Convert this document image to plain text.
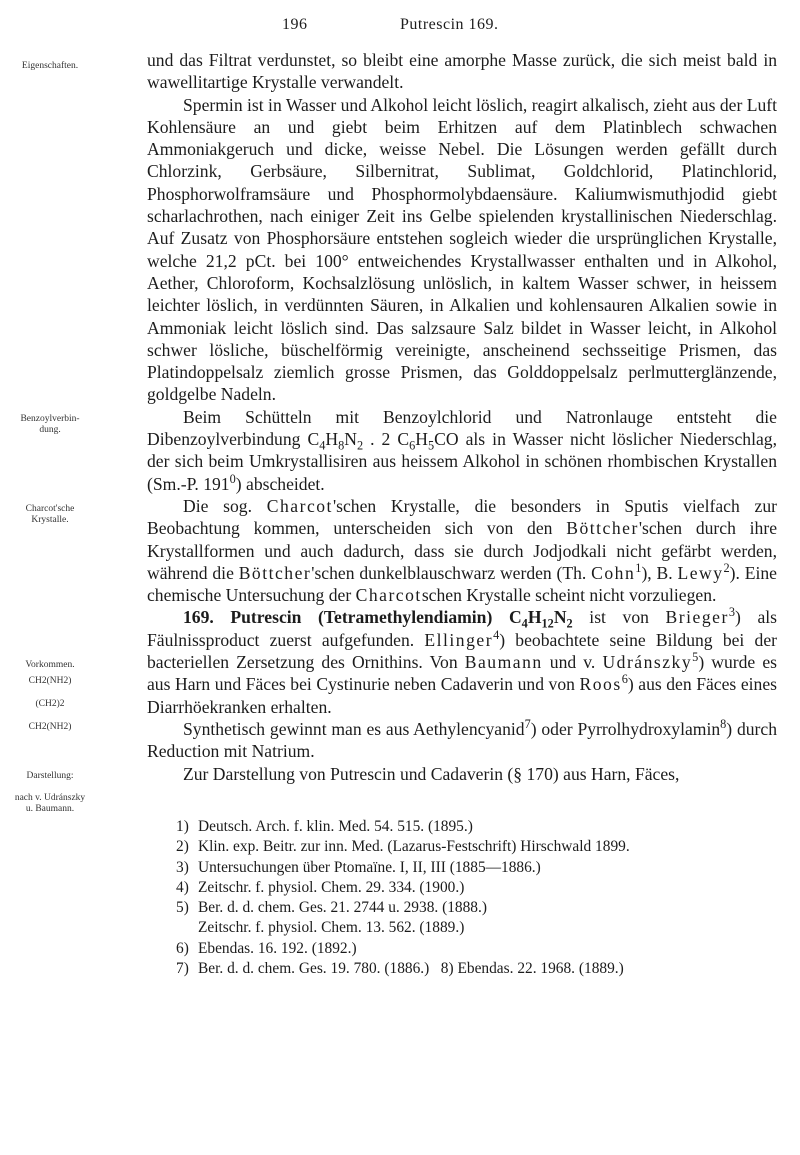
196	Putrescin 169.
Eigenschaften.
Benzoylverbin-
dung.
Charcot'sche
Krystalle.
Vorkommen.
CH2(NH2)
(CH2)2
CH2(NH2)
Darstellung:
nach v. Udránszky
u. Baumann.

und das Filtrat verdunstet, so bleibt eine amorphe Masse zurück, die sich meist bald in wawellitartige Krystalle verwandelt.

Spermin ist in Wasser und Alkohol leicht löslich, reagirt alkalisch, zieht aus der Luft Kohlensäure an und giebt beim Erhitzen auf dem Platinblech schwachen Ammoniakgeruch und dicke, weisse Nebel. Die Lösungen werden gefällt durch Chlorzink, Gerbsäure, Silbernitrat, Sublimat, Goldchlorid, Platinchlorid, Phosphorwolframsäure und Phosphormolybdaensäure. Kaliumwismuthjodid giebt scharlachrothen, nach einiger Zeit ins Gelbe spielenden krystallinischen Niederschlag. Auf Zusatz von Phosphorsäure entstehen sogleich wieder die ursprünglichen Krystalle, welche 21,2 pCt. bei 100° entweichendes Krystallwasser enthalten und in Alkohol, Aether, Chloroform, Kochsalzlösung unlöslich, in kaltem Wasser schwer, in heissem leichter löslich, in verdünnten Säuren, in Alkalien und kohlensauren Alkalien sowie in Ammoniak leicht löslich sind. Das salzsaure Salz bildet in Wasser leicht, in Alkohol schwer lösliche, büschelförmig vereinigte, anscheinend sechsseitige Prismen, das Platindoppelsalz ziemlich grosse Prismen, das Golddoppelsalz perlmutterglänzende, goldgelbe Nadeln.

Beim Schütteln mit Benzoylchlorid und Natronlauge entsteht die Dibenzoylverbindung $C_4H_8N_2$ . 2 $C_6H_5CO$ als in Wasser nicht löslicher Niederschlag, der sich beim Umkrystallisiren aus heissem Alkohol in schönen rhombischen Krystallen (Sm.-P. $191^0$) abscheidet.

Die sog. Charcot'schen Krystalle, die besonders in Sputis vielfach zur Beobachtung kommen, unterscheiden sich von den Böttcher'schen durch ihre Krystallformen und auch dadurch, dass sie durch Jodjodkali nicht gefärbt werden, während die Böttcher'schen dunkelblauschwarz werden (Th. Cohn$^1$), B. Lewy$^2$). Eine chemische Untersuchung der Charcotschen Krystalle scheint nicht vorzuliegen.

169. Putrescin (Tetramethylendiamin) $C_4H_{12}N_2$ ist von Brieger$^3$) als Fäulnissproduct zuerst aufgefunden. Ellinger$^4$) beobachtete seine Bildung bei der bacteriellen Zersetzung des Ornithins. Von Baumann und v. Udránszky$^5$) wurde es aus Harn und Fäces bei Cystinurie neben Cadaverin und von Roos$^6$) aus den Fäces eines Diarrhöekranken erhalten.

Synthetisch gewinnt man es aus Aethylencyanid$^7$) oder Pyrrolhydroxylamin$^8$) durch Reduction mit Natrium.

Zur Darstellung von Putrescin und Cadaverin (§ 170) aus Harn, Fäces,

1) Deutsch. Arch. f. klin. Med. 54. 515. (1895.)

2) Klin. exp. Beitr. zur inn. Med. (Lazarus-Festschrift) Hirschwald 1899.

3) Untersuchungen über Ptomaïne. I, II, III (1885—1886.)

4) Zeitschr. f. physiol. Chem. 29. 334. (1900.)

5) Ber. d. d. chem. Ges. 21. 2744 u. 2938. (1888.)

Zeitschr. f. physiol. Chem. 13. 562. (1889.)

6) Ebendas. 16. 192. (1892.)

7) Ber. d. d. chem. Ges. 19. 780. (1886.) 8) Ebendas. 22. 1968. (1889.)
